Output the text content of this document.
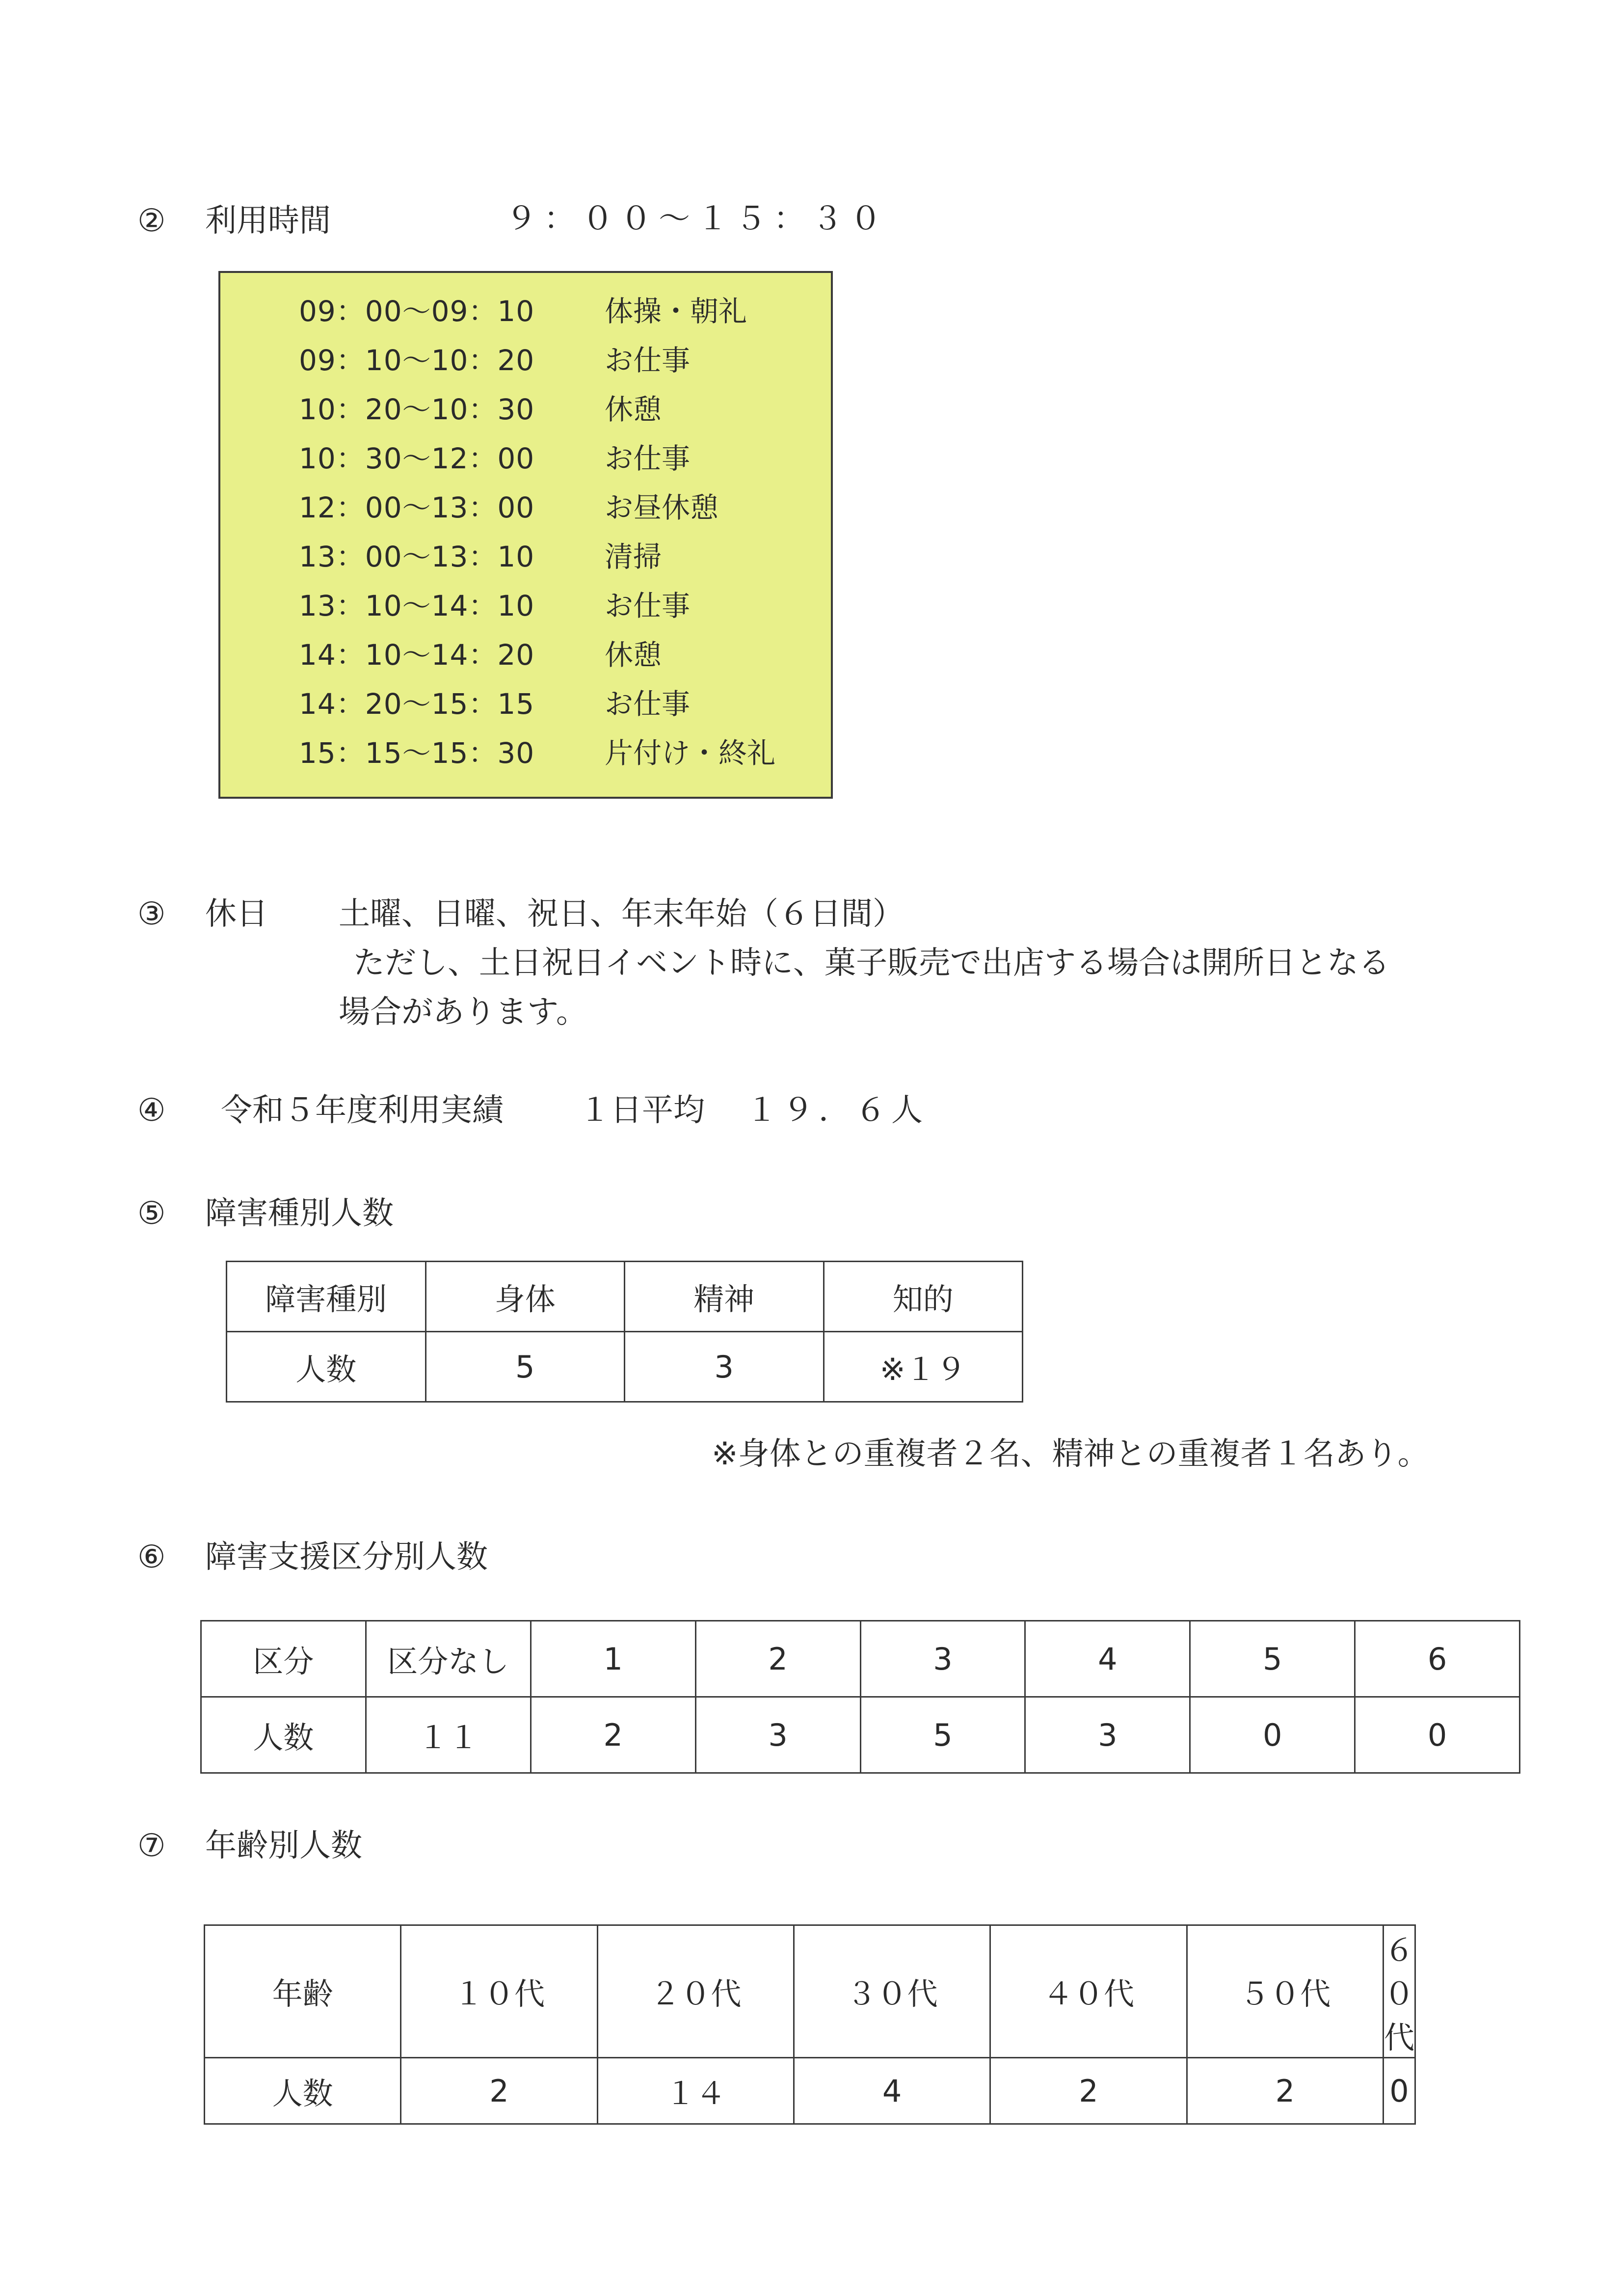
② 利用時間	９：００～１５：３０
09：00～09：10 体操・朝礼
09：10～10：20 お仕事
10：20～10：30 休憩
10：30～12：00 お仕事
12：00～13：00 お昼休憩
13：00～13：10 清掃
13：10～14：10 お仕事
14：10～14：20 休憩
14：20～15：15 お仕事
15：15～15：30 片付け・終礼
③ 休日 土曜、日曜、祝日、年末年始（６日間）
ただし、土日祝日イベント時に、菓子販売で出店する場合は開所日となる
場合があります。
④ 令和５年度利用実績 １日平均 １９．６人
⑤ 障害種別人数
障害種別	身体	精神	知的
人数	5	3	※１９
※身体との重複者２名、精神との重複者１名あり。
⑥ 障害支援区分別人数
区分	区分なし	1	2	3	4	5	6
人数	１１	2	3	5	3	0	0
⑦ 年齢別人数
年齢	１０代	２０代	３０代	４０代	５０代	６０代
人数	2	１４	4	2	2	0
